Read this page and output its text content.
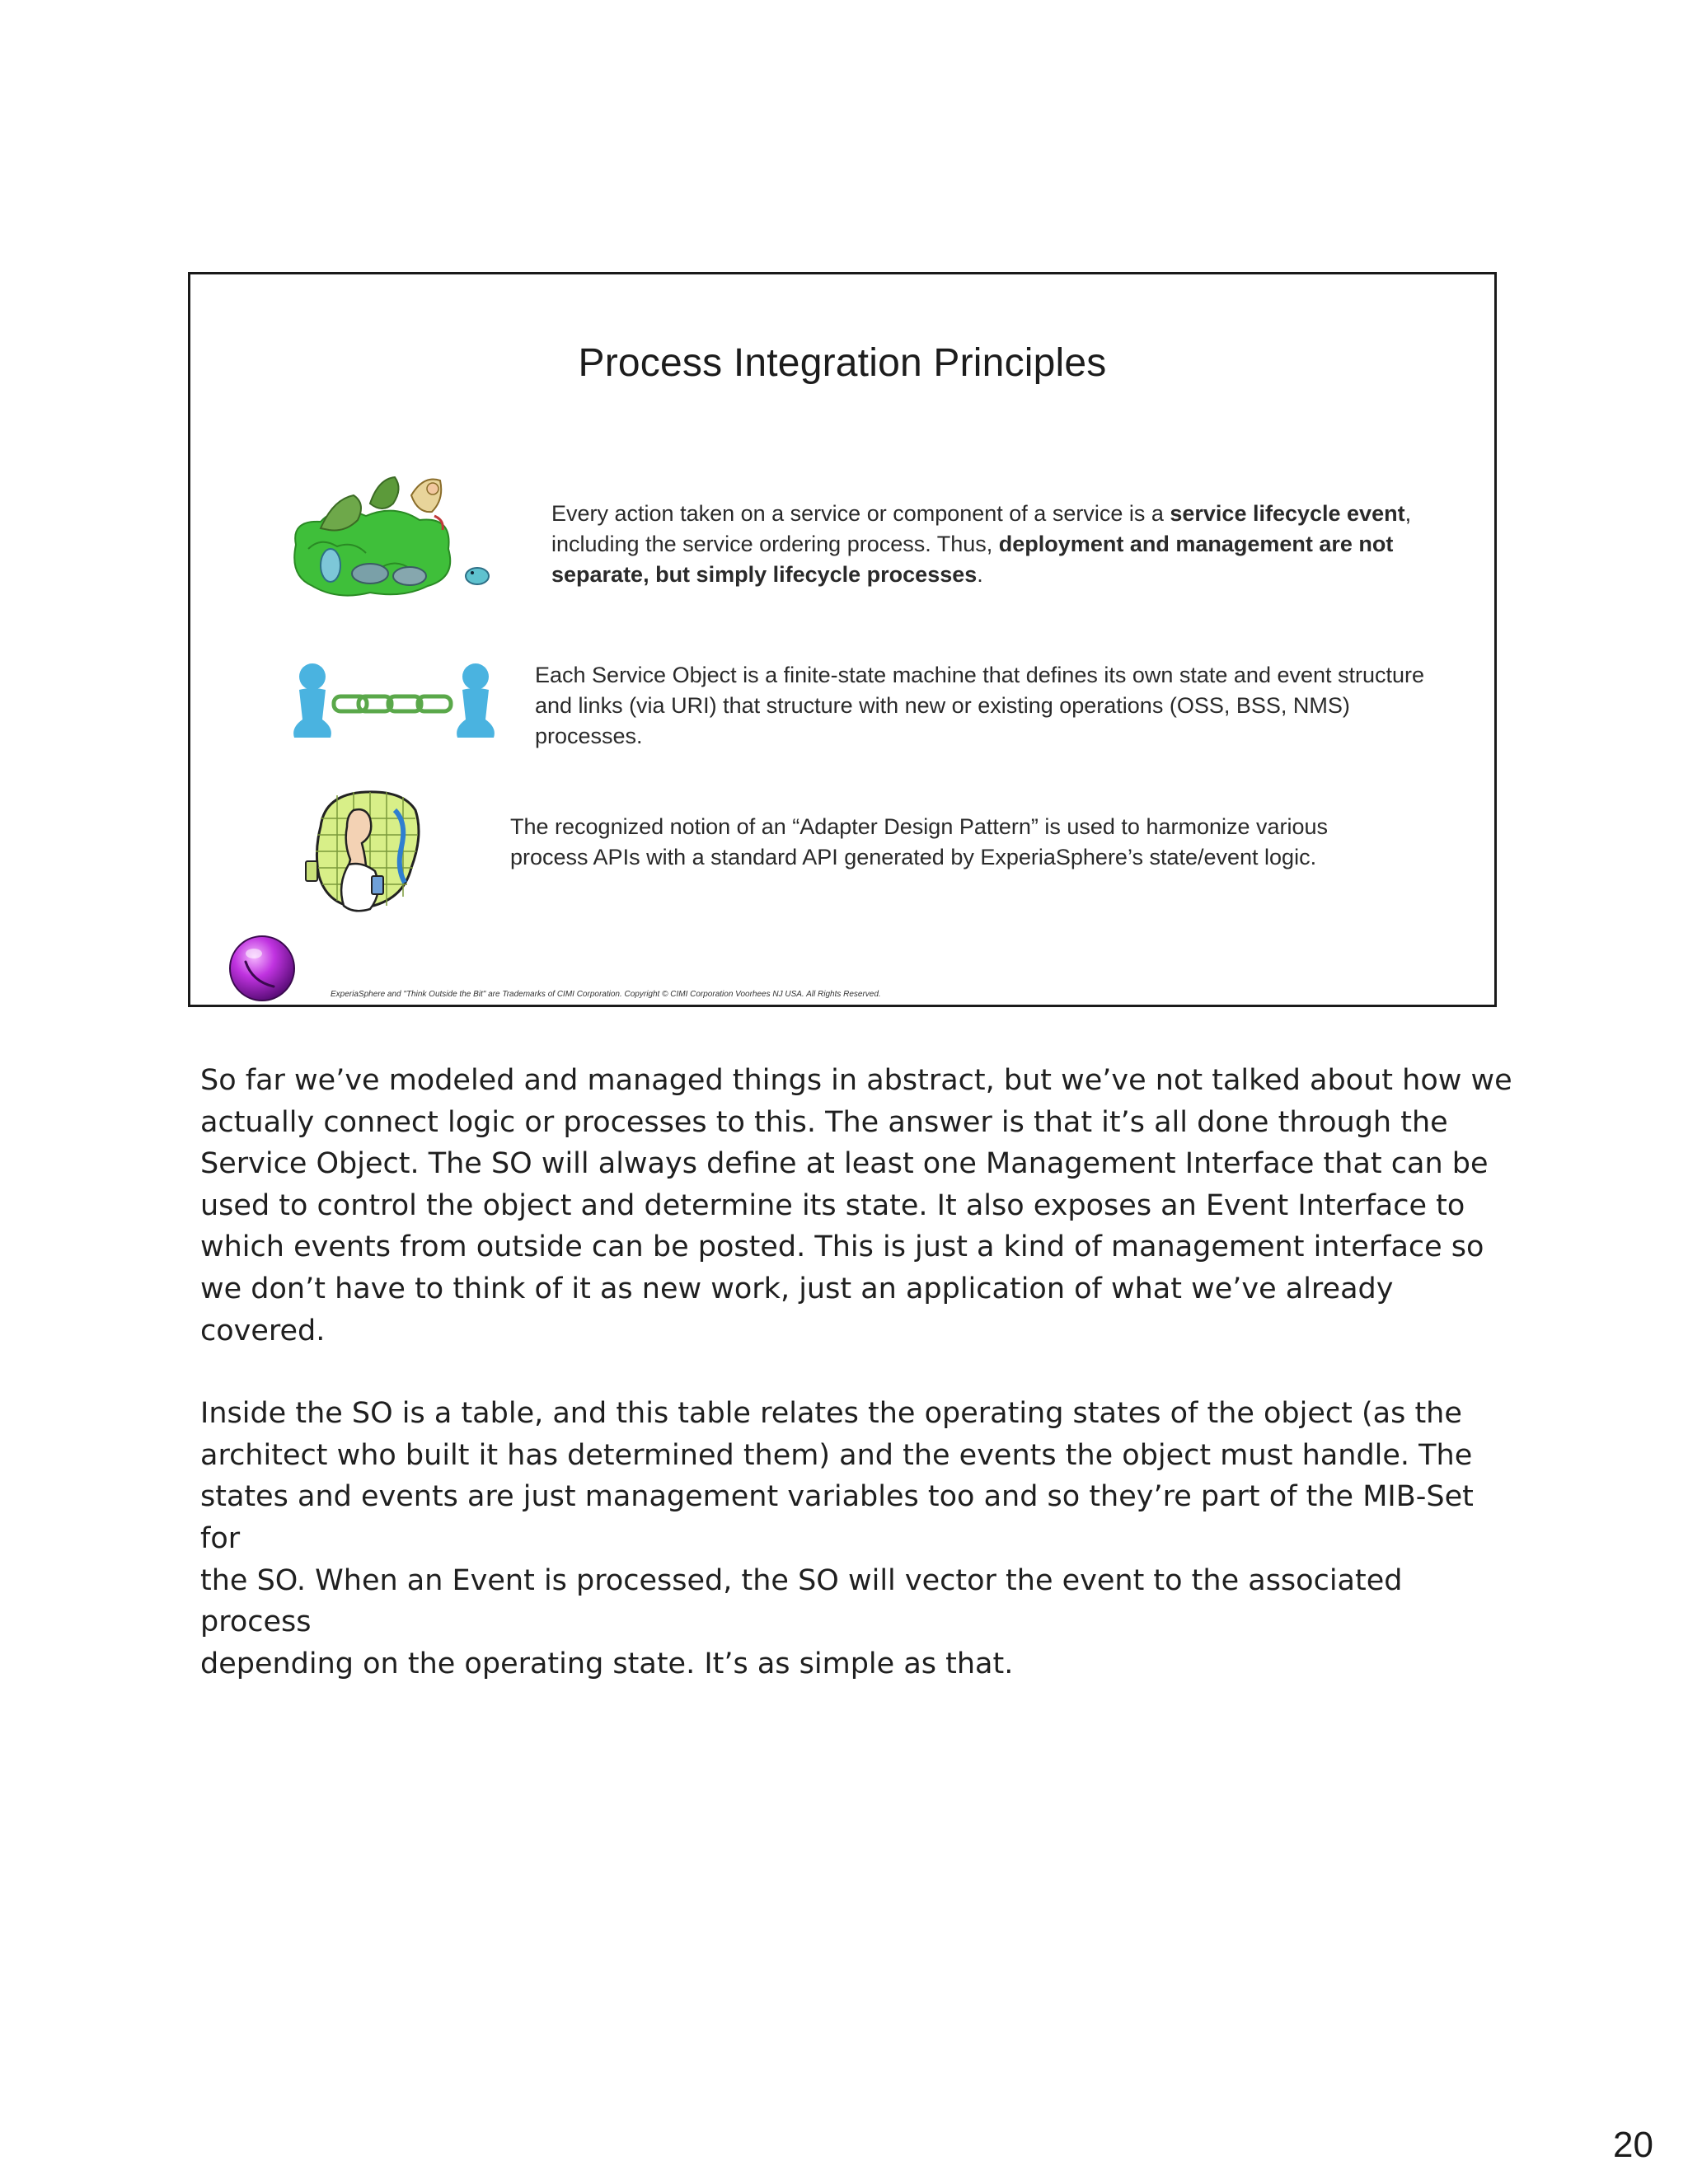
Process Integration Principles
Every action taken on a service or component of a service is a service lifecycle event, including the service ordering process. Thus, deployment and management are not separate, but simply lifecycle processes.
Each Service Object is a finite-state machine that defines its own state and event structure and links (via URI) that structure with new or existing operations (OSS, BSS, NMS) processes.
The recognized notion of an “Adapter Design Pattern” is used to harmonize various process APIs with a standard API generated by ExperiaSphere’s state/event logic.
ExperiaSphere and "Think Outside the Bit" are Trademarks of CIMI Corporation. Copyright © CIMI Corporation Voorhees NJ USA. All Rights Reserved.

So far we’ve modeled and managed things in abstract, but we’ve not talked about how we
actually connect logic or processes to this. The answer is that it’s all done through the
Service Object. The SO will always define at least one Management Interface that can be
used to control the object and determine its state. It also exposes an Event Interface to
which events from outside can be posted. This is just a kind of management interface so
we don’t have to think of it as new work, just an application of what we’ve already covered.

Inside the SO is a table, and this table relates the operating states of the object (as the
architect who built it has determined them) and the events the object must handle. The
states and events are just management variables too and so they’re part of the MIB-Set for
the SO. When an Event is processed, the SO will vector the event to the associated process
depending on the operating state. It’s as simple as that.

20
